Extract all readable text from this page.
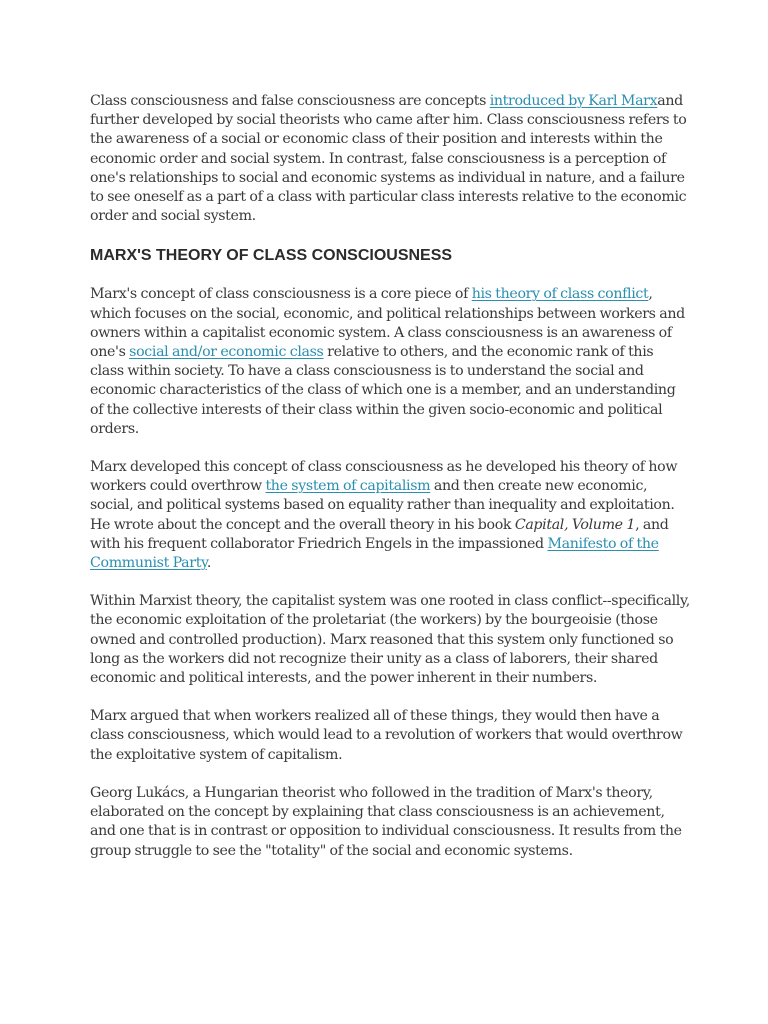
Class consciousness and false consciousness are concepts introduced by Karl Marxand further developed by social theorists who came after him. Class consciousness refers to the awareness of a social or economic class of their position and interests within the economic order and social system. In contrast, false consciousness is a perception of one's relationships to social and economic systems as individual in nature, and a failure to see oneself as a part of a class with particular class interests relative to the economic order and social system.

MARX'S THEORY OF CLASS CONSCIOUSNESS

Marx's concept of class consciousness is a core piece of his theory of class conflict, which focuses on the social, economic, and political relationships between workers and owners within a capitalist economic system. A class consciousness is an awareness of one's social and/or economic class relative to others, and the economic rank of this class within society. To have a class consciousness is to understand the social and economic characteristics of the class of which one is a member, and an understanding of the collective interests of their class within the given socio-economic and political orders.

Marx developed this concept of class consciousness as he developed his theory of how workers could overthrow the system of capitalism and then create new economic, social, and political systems based on equality rather than inequality and exploitation. He wrote about the concept and the overall theory in his book Capital, Volume 1, and with his frequent collaborator Friedrich Engels in the impassioned Manifesto of the Communist Party.

Within Marxist theory, the capitalist system was one rooted in class conflict--specifically, the economic exploitation of the proletariat (the workers) by the bourgeoisie (those owned and controlled production). Marx reasoned that this system only functioned so long as the workers did not recognize their unity as a class of laborers, their shared economic and political interests, and the power inherent in their numbers.

Marx argued that when workers realized all of these things, they would then have a class consciousness, which would lead to a revolution of workers that would overthrow the exploitative system of capitalism.

Georg Lukács, a Hungarian theorist who followed in the tradition of Marx's theory, elaborated on the concept by explaining that class consciousness is an achievement, and one that is in contrast or opposition to individual consciousness. It results from the group struggle to see the "totality" of the social and economic systems.
